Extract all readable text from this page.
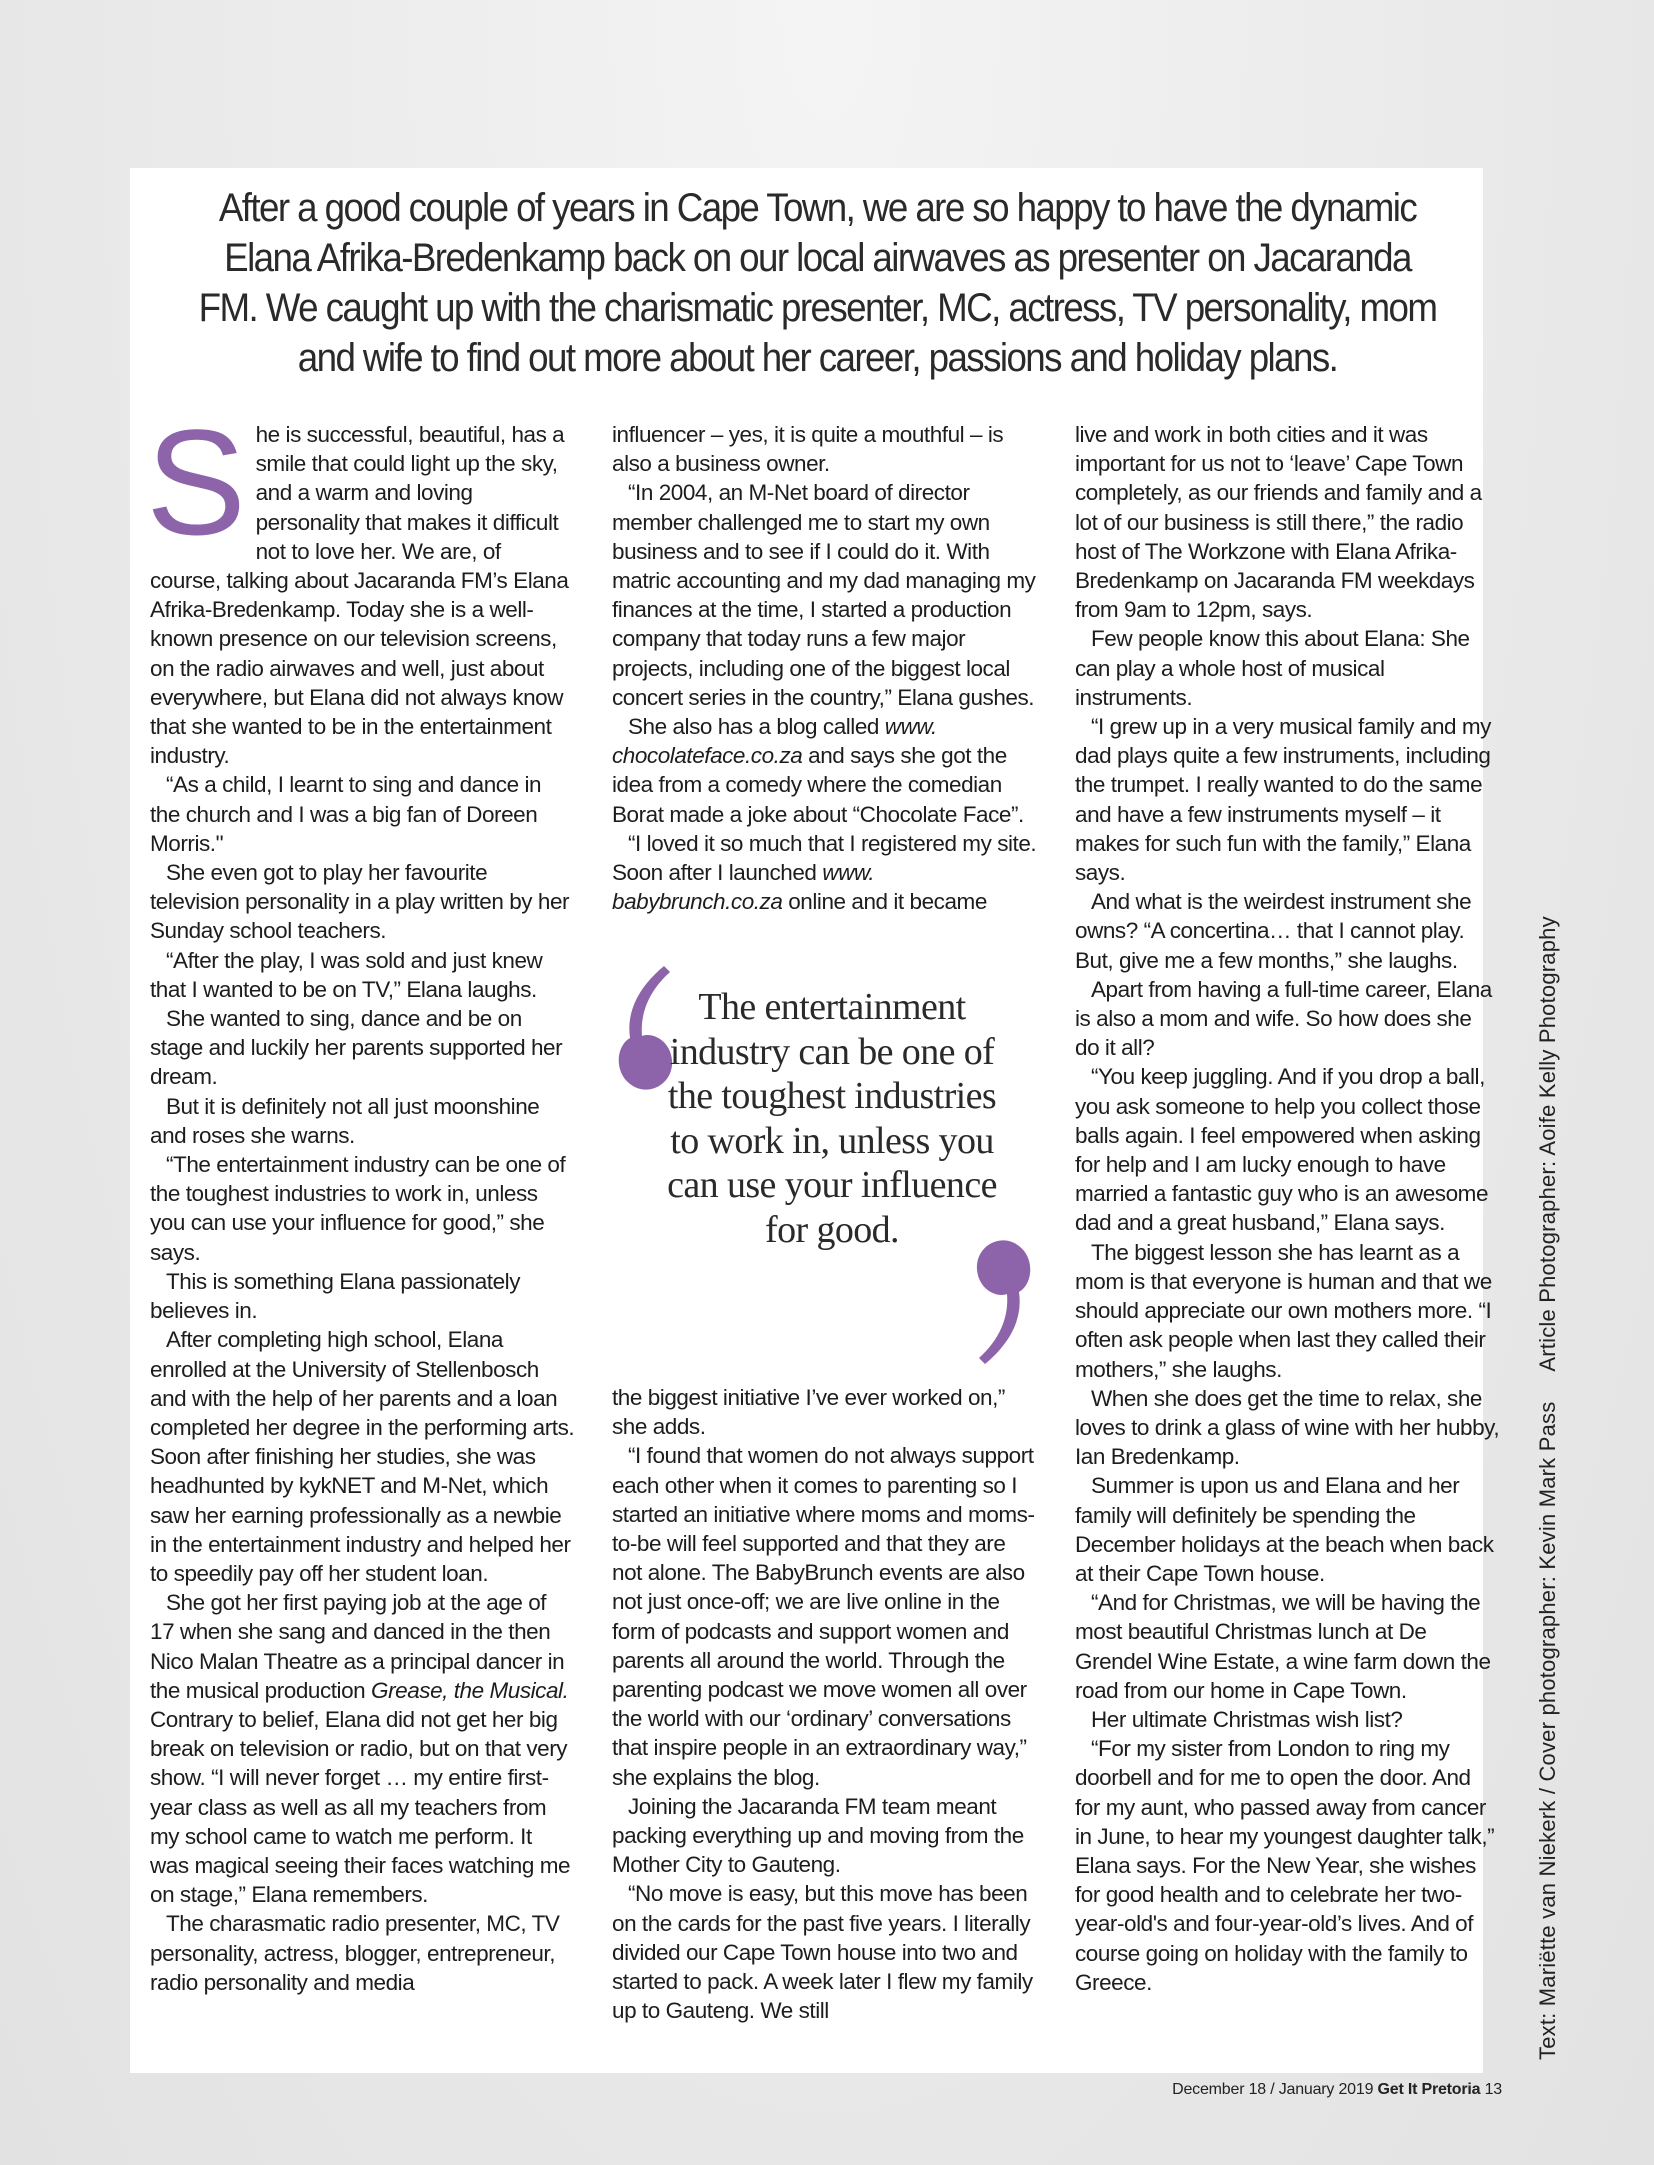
After a good couple of years in Cape Town, we are so happy to have the dynamic Elana Afrika-Bredenkamp back on our local airwaves as presenter on Jacaranda FM. We caught up with the charismatic presenter, MC, actress, TV personality, mom and wife to find out more about her career, passions and holiday plans.

She is successful, beautiful, has a smile that could light up the sky, and a warm and loving personality that makes it difficult not to love her. We are, of course, talking about Jacaranda FM’s Elana Afrika-Bredenkamp. Today she is a well-known presence on our television screens, on the radio airwaves and well, just about everywhere, but Elana did not always know that she wanted to be in the entertainment industry.

“As a child, I learnt to sing and dance in the church and I was a big fan of Doreen Morris."

She even got to play her favourite television personality in a play written by her Sunday school teachers.

“After the play, I was sold and just knew that I wanted to be on TV,” Elana laughs.

She wanted to sing, dance and be on stage and luckily her parents supported her dream.

But it is definitely not all just moonshine and roses she warns.

“The entertainment industry can be one of the toughest industries to work in, unless you can use your influence for good,” she says.

This is something Elana passionately believes in.

After completing high school, Elana enrolled at the University of Stellenbosch and with the help of her parents and a loan completed her degree in the performing arts. Soon after finishing her studies, she was headhunted by kykNET and M-Net, which saw her earning professionally as a newbie in the entertainment industry and helped her to speedily pay off her student loan.

She got her first paying job at the age of 17 when she sang and danced in the then Nico Malan Theatre as a principal dancer in the musical production Grease, the Musical. Contrary to belief, Elana did not get her big break on television or radio, but on that very show. “I will never forget … my entire first-year class as well as all my teachers from my school came to watch me perform. It was magical seeing their faces watching me on stage,” Elana remembers.

The charasmatic radio presenter, MC, TV personality, actress, blogger, entrepreneur, radio personality and media

influencer – yes, it is quite a mouthful – is also a business owner.

“In 2004, an M-Net board of director member challenged me to start my own business and to see if I could do it. With matric accounting and my dad managing my finances at the time, I started a production company that today runs a few major projects, including one of the biggest local concert series in the country,” Elana gushes.

She also has a blog called www. chocolateface.co.za and says she got the idea from a comedy where the comedian Borat made a joke about “Chocolate Face”.

“I loved it so much that I registered my site. Soon after I launched www. babybrunch.co.za online and it became

The entertainment industry can be one of the toughest industries to work in, unless you can use your influence for good.

the biggest initiative I’ve ever worked on,” she adds.

“I found that women do not always support each other when it comes to parenting so I started an initiative where moms and moms-to-be will feel supported and that they are not alone. The BabyBrunch events are also not just once-off; we are live online in the form of podcasts and support women and parents all around the world. Through the parenting podcast we move women all over the world with our ‘ordinary’ conversations that inspire people in an extraordinary way,” she explains the blog.

Joining the Jacaranda FM team meant packing everything up and moving from the Mother City to Gauteng.

“No move is easy, but this move has been on the cards for the past five years. I literally divided our Cape Town house into two and started to pack. A week later I flew my family up to Gauteng. We still

live and work in both cities and it was important for us not to ‘leave’ Cape Town completely, as our friends and family and a lot of our business is still there,” the radio host of The Workzone with Elana Afrika-Bredenkamp on Jacaranda FM weekdays from 9am to 12pm, says.

Few people know this about Elana: She can play a whole host of musical instruments.

“I grew up in a very musical family and my dad plays quite a few instruments, including the trumpet. I really wanted to do the same and have a few instruments myself – it makes for such fun with the family,” Elana says.

And what is the weirdest instrument she owns? “A concertina… that I cannot play. But, give me a few months,” she laughs.

Apart from having a full-time career, Elana is also a mom and wife. So how does she do it all?

“You keep juggling. And if you drop a ball, you ask someone to help you collect those balls again. I feel empowered when asking for help and I am lucky enough to have married a fantastic guy who is an awesome dad and a great husband,” Elana says.

The biggest lesson she has learnt as a mom is that everyone is human and that we should appreciate our own mothers more. “I often ask people when last they called their mothers,” she laughs.

When she does get the time to relax, she loves to drink a glass of wine with her hubby, Ian Bredenkamp.

Summer is upon us and Elana and her family will definitely be spending the December holidays at the beach when back at their Cape Town house.

“And for Christmas, we will be having the most beautiful Christmas lunch at De Grendel Wine Estate, a wine farm down the road from our home in Cape Town.

Her ultimate Christmas wish list?

“For my sister from London to ring my doorbell and for me to open the door. And for my aunt, who passed away from cancer in June, to hear my youngest daughter talk,” Elana says. For the New Year, she wishes for good health and to celebrate her two-year-old's and four-year-old’s lives. And of course going on holiday with the family to Greece.	Text: Mariëtte van Niekerk / Cover photographer: Kevin Mark PassArticle Photographer: Aoife Kelly Photography
December 18 / January 2019 Get It Pretoria 13
